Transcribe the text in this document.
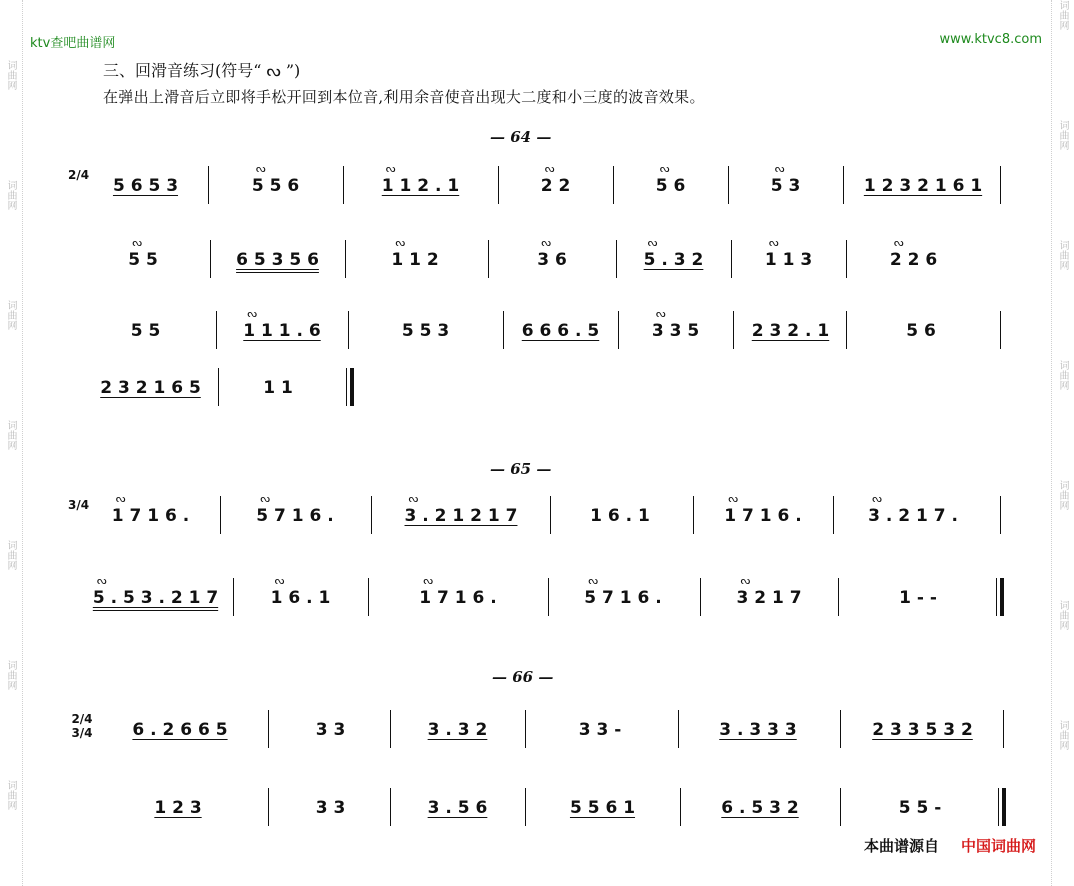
词曲网
词曲网
词曲网
词曲网
词曲网
词曲网
词曲网
词曲网
词曲网
词曲网
词曲网
词曲网
词曲网
词曲网
ktv查吧曲谱网	www.ktvc8.com
三、回滑音练习(符号“ ᔓ ”)
在弹出上滑音后立即将手松开回到本位音,利用余音使音出现大二度和小三度的波音效果。
— 64 —
2/4
5 6 5 3	ᔓ 5 5 6	ᔓ 1 1 2 . 1	ᔓ 2 2	ᔓ 5 6	ᔓ 5 3	1 2 3 2 1 6 1
ᔓ 5 5	6 5 3 5 6	ᔓ 1 1 2	ᔓ 3 6	ᔓ 5 . 3 2	ᔓ 1 1 3	ᔓ 2 2 6
5 5	ᔓ 1 1 1 . 6	5 5 3	6 6 6 . 5	ᔓ 3 3 5	2 3 2 . 1	5 6
2 3 2 1 6 5	1 1
— 65 —
3/4
ᔓ 1 7 1 6 .	ᔓ 5 7 1 6 .	ᔓ 3 . 2 1 2 1 7	1 6 . 1	ᔓ 1 7 1 6 .	ᔓ 3 . 2 1 7 .
ᔓ 5 . 5 3 . 2 1 7	ᔓ 1 6 . 1	ᔓ 1 7 1 6 .	ᔓ 5 7 1 6 .	ᔓ 3 2 1 7	1 - -
— 66 —
2/4 3/4 6 . 2 6 6 5	3 3	3 . 3 2	3 3 -	3 . 3 3 3	2 3 3 5 3 2
1 2 3	3 3	3 . 5 6	5 5 6 1	6 . 5 3 2	5 5 -
本曲谱源自 中国词曲网
